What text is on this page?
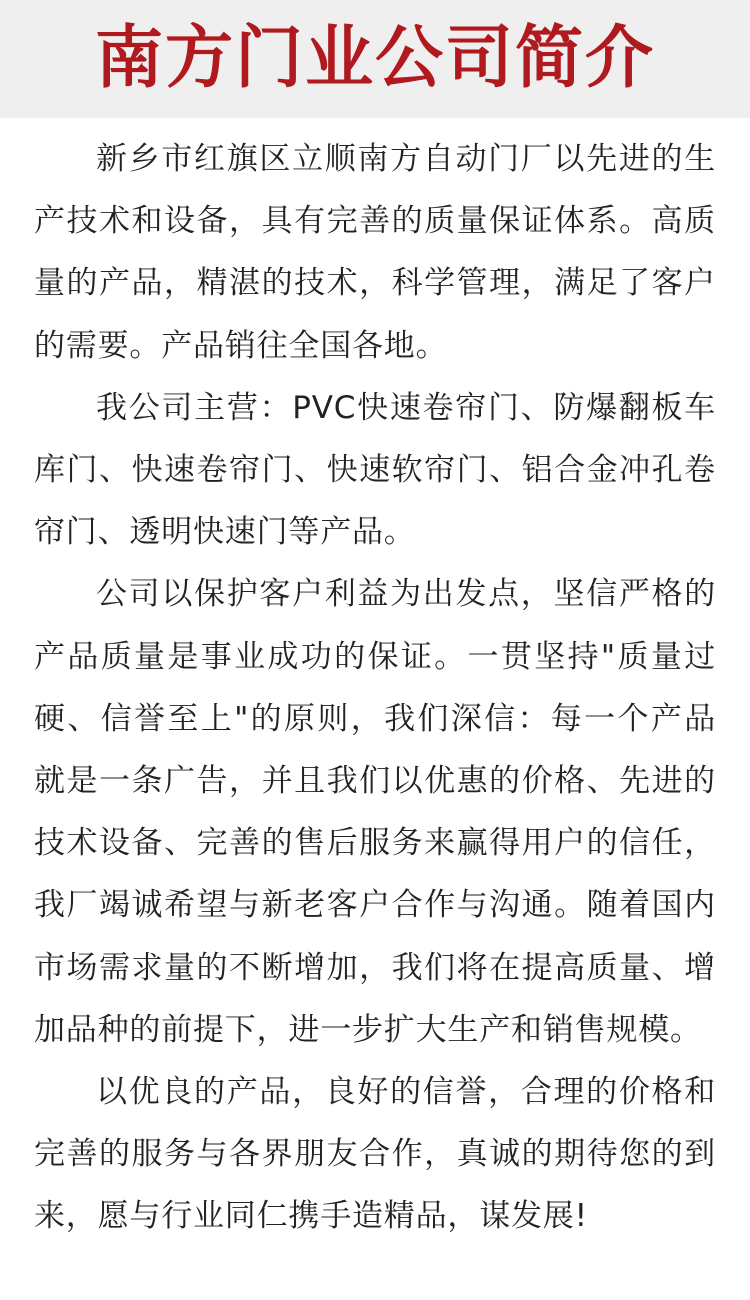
南方门业公司简介

新乡市红旗区立顺南方自动门厂以先进的生产技术和设备，具有完善的质量保证体系。高质量的产品，精湛的技术，科学管理，满足了客户的需要。产品销往全国各地。

我公司主营：PVC快速卷帘门、防爆翻板车库门、快速卷帘门、快速软帘门、铝合金冲孔卷帘门、透明快速门等产品。

公司以保护客户利益为出发点，坚信严格的产品质量是事业成功的保证。一贯坚持"质量过硬、信誉至上"的原则，我们深信：每一个产品就是一条广告，并且我们以优惠的价格、先进的技术设备、完善的售后服务来赢得用户的信任，我厂竭诚希望与新老客户合作与沟通。随着国内市场需求量的不断增加，我们将在提高质量、增加品种的前提下，进一步扩大生产和销售规模。

以优良的产品，良好的信誉，合理的价格和完善的服务与各界朋友合作，真诚的期待您的到来，愿与行业同仁携手造精品，谋发展!
